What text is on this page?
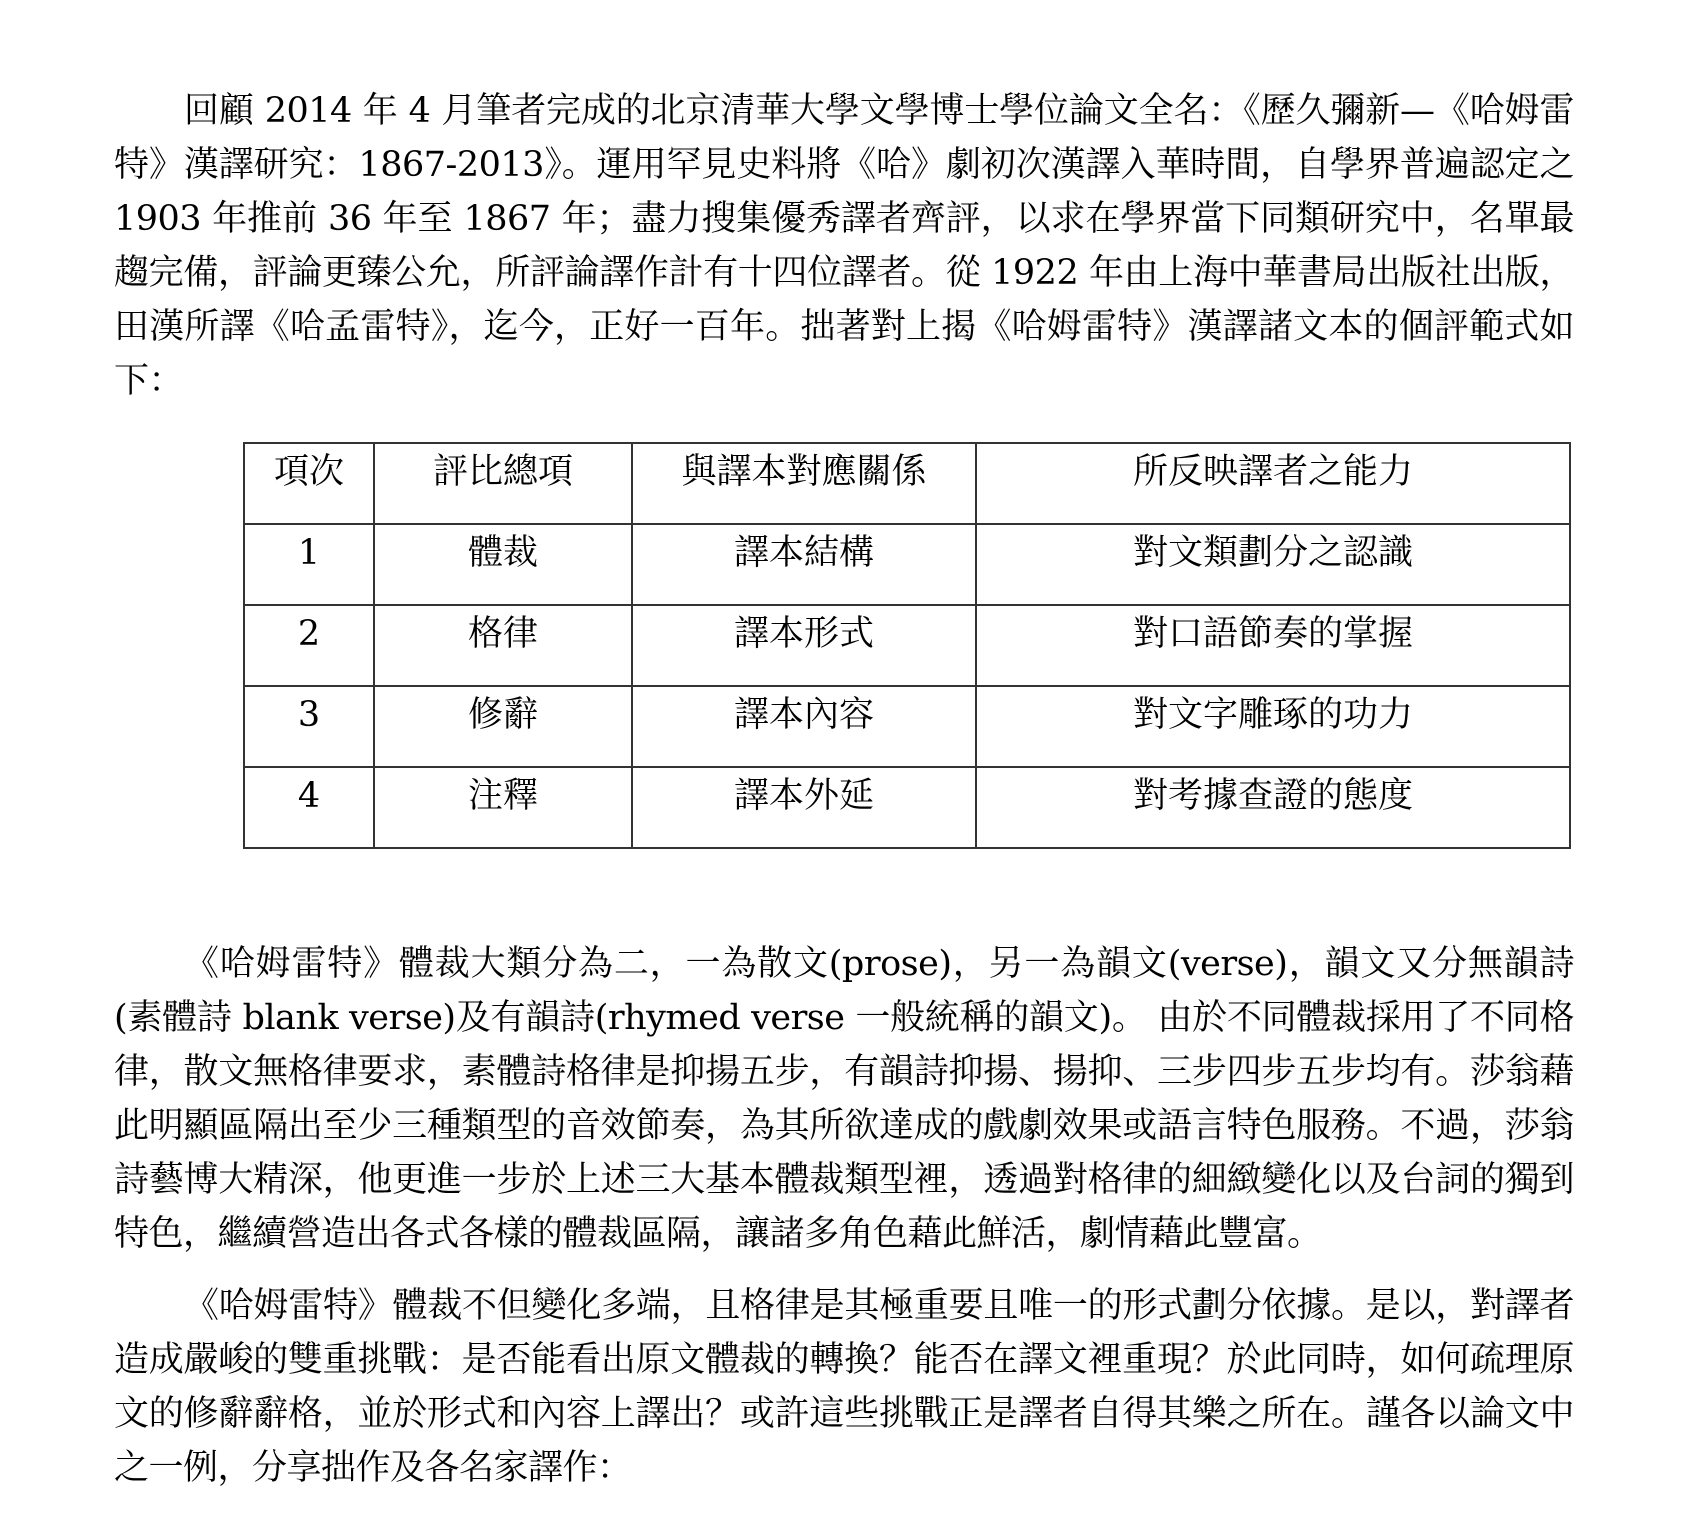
回顧 2014 年 4 月筆者完成的北京清華大學文學博士學位論文全名：《歷久彌新—《哈姆雷特》漢譯研究：1867-2013》。運用罕見史料將《哈》劇初次漢譯入華時間，自學界普遍認定之 1903 年推前 36 年至 1867 年；盡力搜集優秀譯者齊評，以求在學界當下同類研究中，名單最趨完備，評論更臻公允，所評論譯作計有十四位譯者。從 1922 年由上海中華書局出版社出版，田漢所譯《哈孟雷特》，迄今，正好一百年。拙著對上揭《哈姆雷特》漢譯諸文本的個評範式如下：

項次	評比總項	與譯本對應關係	所反映譯者之能力
1	體裁	譯本結構	對文類劃分之認識
2	格律	譯本形式	對口語節奏的掌握
3	修辭	譯本內容	對文字雕琢的功力
4	注釋	譯本外延	對考據查證的態度

《哈姆雷特》體裁大類分為二，一為散文(prose)，另一為韻文(verse)，韻文又分無韻詩(素體詩 blank verse)及有韻詩(rhymed verse 一般統稱的韻文)。 由於不同體裁採用了不同格律，散文無格律要求，素體詩格律是抑揚五步，有韻詩抑揚、揚抑、三步四步五步均有。莎翁藉此明顯區隔出至少三種類型的音效節奏，為其所欲達成的戲劇效果或語言特色服務。不過，莎翁詩藝博大精深，他更進一步於上述三大基本體裁類型裡，透過對格律的細緻變化以及台詞的獨到特色，繼續營造出各式各樣的體裁區隔，讓諸多角色藉此鮮活，劇情藉此豐富。

《哈姆雷特》體裁不但變化多端，且格律是其極重要且唯一的形式劃分依據。是以，對譯者造成嚴峻的雙重挑戰：是否能看出原文體裁的轉換？能否在譯文裡重現？於此同時，如何疏理原文的修辭辭格，並於形式和內容上譯出？或許這些挑戰正是譯者自得其樂之所在。謹各以論文中之一例，分享拙作及各名家譯作：
